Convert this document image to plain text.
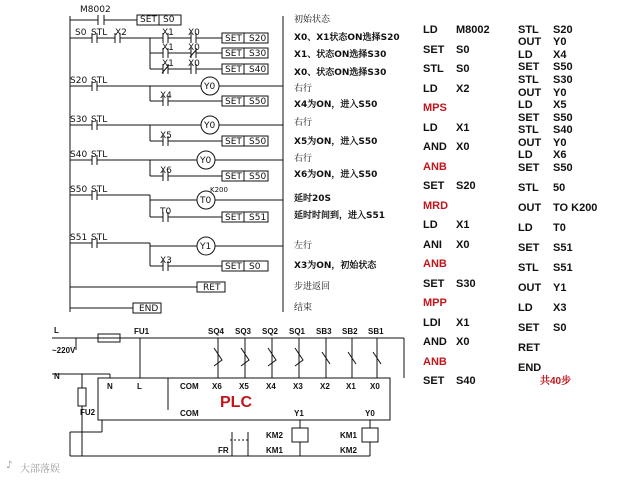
M8002
SET S0	初始状态
S0 STL X2	X1 X0
SET S20	X0、X1状态ON选择S20
X1 X0
SET S30	X1、状态ON选择S30
X1 X0
SET S40	X0、状态ON选择S30
S20 STL
Y0	右行
X4
SET S50	X4为ON，进入S50
S30 STL
Y0	右行
X5
SET S50	X5为ON，进入S50
S40 STL
Y0	右行
X6
SET S50	X6为ON，进入S50
S50 STL	K200
T0	延时20S
T0
SET S51	延时时间到，进入S51
S51 STL
Y1	左行
X3
SET S0	X3为ON，初始状态
RET	步进返回
END	结束
LD M8002
SET S0
STL S0
LD X2
MPS
LD X1
AND X0
ANB
SET S20
MRD
LD X1
ANI X0
ANB
SET S30
MPP
LDI X1
AND X0
ANB
SET S40
STL S20
OUT Y0
LD X4
SET S50
STL S30
OUT Y0
LD X5
SET S50
STL S40
OUT Y0
LD X6
SET S50
STL 50
OUT TO K200
LD T0
SET S51
STL S51
OUT Y1
LD X3
SET S0
RET
END
共40步
L
~220V
N
FU1
FU2
SQ4 SQ3 SQ2 SQ1 SB3 SB2 SB1
N	L	COM X6 X5 X4 X3 X2 X1 X0
PLC
COM	Y1	Y0
KM2
KM1
KM1
KM2
FR
♪ 大部落娱
